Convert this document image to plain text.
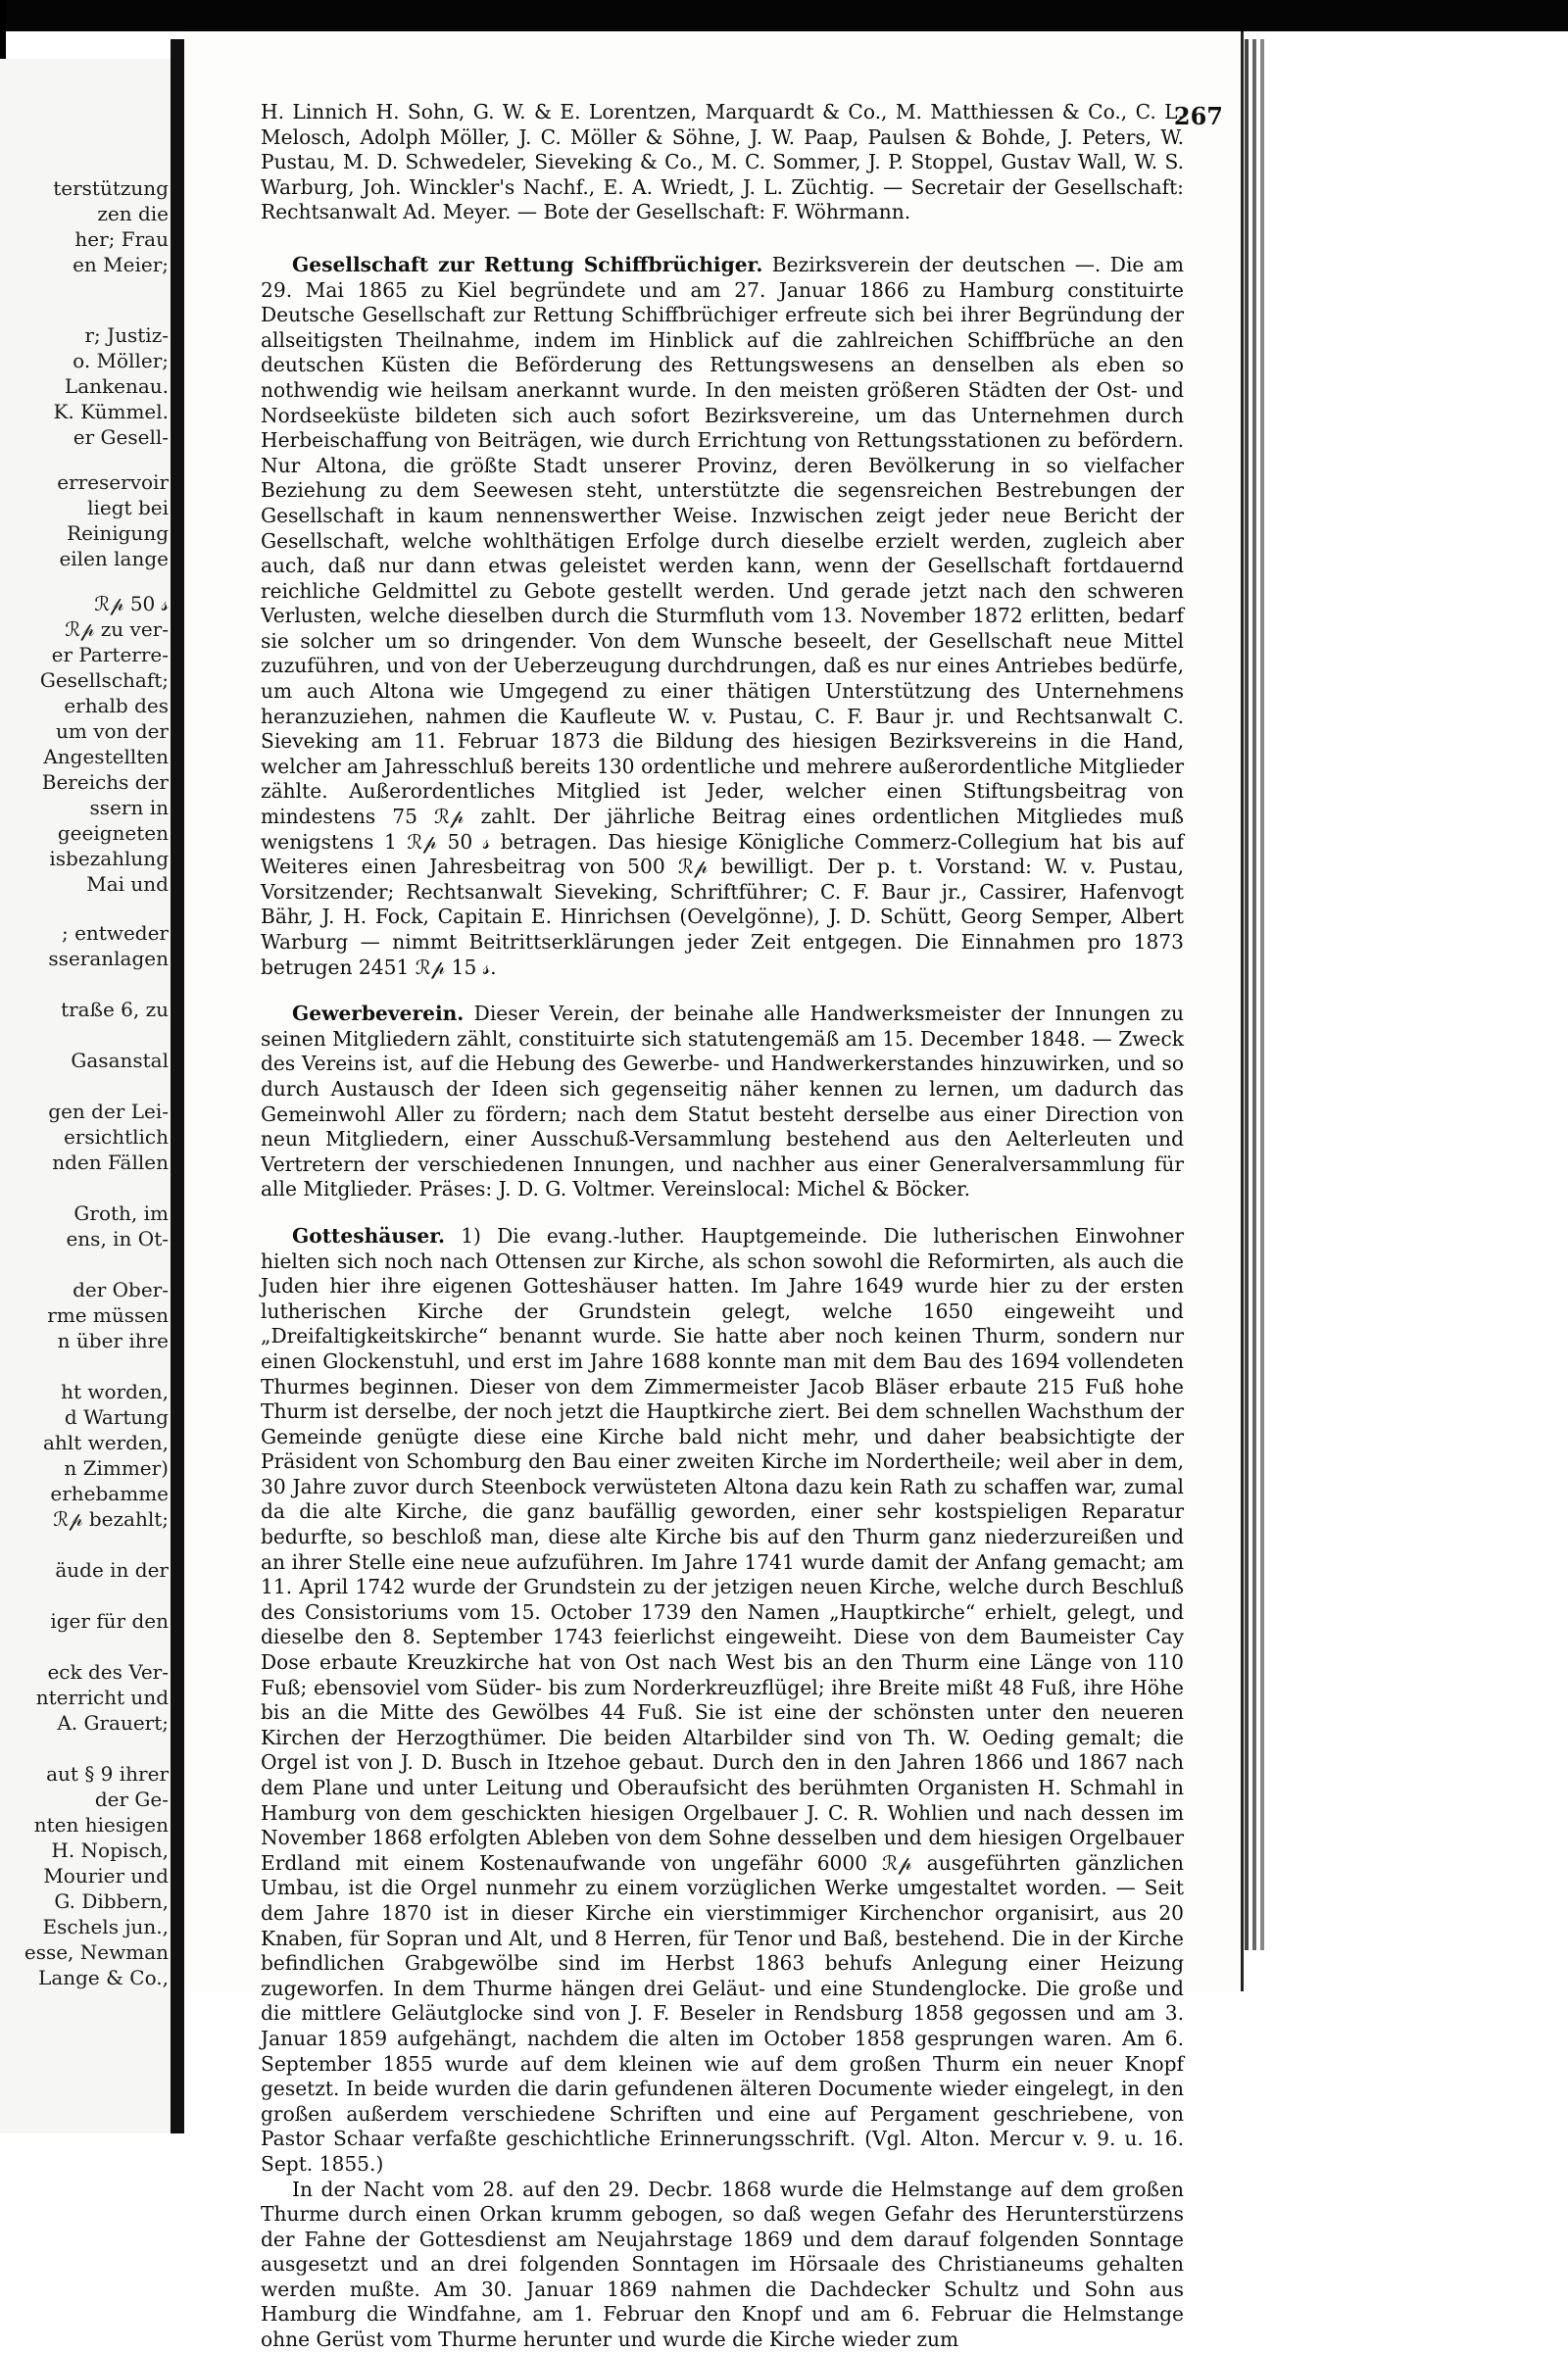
terstützung
zen die
her; Frau
en Meier;
r; Justiz-
o. Möller;
Lankenau.
K. Kümmel.
er Gesell-
erreservoir
liegt bei
Reinigung
eilen lange
ℛ𝓅 50 𝓈
ℛ𝓅 zu ver-
er Parterre-
Gesellschaft;
erhalb des
um von der
Angestellten
Bereichs der
ssern in
geeigneten
isbezahlung
Mai und
; entweder
sseranlagen
traße 6, zu
Gasanstal
gen der Lei-
ersichtlich
nden Fällen
Groth, im
ens, in Ot-
der Ober-
rme müssen
n über ihre
ht worden,
d Wartung
ahlt werden,
n Zimmer)
erhebamme
ℛ𝓅 bezahlt;
äude in der
iger für den
eck des Ver-
nterricht und
A. Grauert;
aut § 9 ihrer
der Ge-
nten hiesigen
H. Nopisch,
Mourier und
G. Dibbern,
Eschels jun.,
esse, Newman
Lange & Co.,
267

H. Linnich H. Sohn, G. W. & E. Lorentzen, Marquardt & Co., M. Matthiessen & Co., C. L. Melosch, Adolph Möller, J. C. Möller & Söhne, J. W. Paap, Paulsen & Bohde, J. Peters, W. Pustau, M. D. Schwedeler, Sieveking & Co., M. C. Sommer, J. P. Stoppel, Gustav Wall, W. S. Warburg, Joh. Winckler's Nachf., E. A. Wriedt, J. L. Züchtig. — Secretair der Gesellschaft: Rechtsanwalt Ad. Meyer. — Bote der Gesellschaft: F. Wöhrmann.

Gesellschaft zur Rettung Schiffbrüchiger. Bezirksverein der deutschen —. Die am 29. Mai 1865 zu Kiel begründete und am 27. Januar 1866 zu Hamburg constituirte Deutsche Gesellschaft zur Rettung Schiffbrüchiger erfreute sich bei ihrer Begründung der allseitigsten Theilnahme, indem im Hinblick auf die zahlreichen Schiffbrüche an den deutschen Küsten die Beförderung des Rettungswesens an denselben als eben so nothwendig wie heilsam anerkannt wurde. In den meisten größeren Städten der Ost- und Nordseeküste bildeten sich auch sofort Bezirksvereine, um das Unternehmen durch Herbeischaffung von Beiträgen, wie durch Errichtung von Rettungsstationen zu befördern. Nur Altona, die größte Stadt unserer Provinz, deren Bevölkerung in so vielfacher Beziehung zu dem Seewesen steht, unterstützte die segensreichen Bestrebungen der Gesellschaft in kaum nennenswerther Weise. Inzwischen zeigt jeder neue Bericht der Gesellschaft, welche wohlthätigen Erfolge durch dieselbe erzielt werden, zugleich aber auch, daß nur dann etwas geleistet werden kann, wenn der Gesellschaft fortdauernd reichliche Geldmittel zu Gebote gestellt werden. Und gerade jetzt nach den schweren Verlusten, welche dieselben durch die Sturmfluth vom 13. November 1872 erlitten, bedarf sie solcher um so dringender. Von dem Wunsche beseelt, der Gesellschaft neue Mittel zuzuführen, und von der Ueberzeugung durchdrungen, daß es nur eines Antriebes bedürfe, um auch Altona wie Umgegend zu einer thätigen Unterstützung des Unternehmens heranzuziehen, nahmen die Kaufleute W. v. Pustau, C. F. Baur jr. und Rechtsanwalt C. Sieveking am 11. Februar 1873 die Bildung des hiesigen Bezirksvereins in die Hand, welcher am Jahresschluß bereits 130 ordentliche und mehrere außerordentliche Mitglieder zählte. Außerordentliches Mitglied ist Jeder, welcher einen Stiftungsbeitrag von mindestens 75 ℛ𝓅 zahlt. Der jährliche Beitrag eines ordentlichen Mitgliedes muß wenigstens 1 ℛ𝓅 50 𝓈 betragen. Das hiesige Königliche Commerz-Collegium hat bis auf Weiteres einen Jahresbeitrag von 500 ℛ𝓅 bewilligt. Der p. t. Vorstand: W. v. Pustau, Vorsitzender; Rechtsanwalt Sieveking, Schriftführer; C. F. Baur jr., Cassirer, Hafenvogt Bähr, J. H. Fock, Capitain E. Hinrichsen (Oevelgönne), J. D. Schütt, Georg Semper, Albert Warburg — nimmt Beitrittserklärungen jeder Zeit entgegen. Die Einnahmen pro 1873 betrugen 2451 ℛ𝓅 15 𝓈.

Gewerbeverein. Dieser Verein, der beinahe alle Handwerksmeister der Innungen zu seinen Mitgliedern zählt, constituirte sich statutengemäß am 15. December 1848. — Zweck des Vereins ist, auf die Hebung des Gewerbe- und Handwerkerstandes hinzuwirken, und so durch Austausch der Ideen sich gegenseitig näher kennen zu lernen, um dadurch das Gemeinwohl Aller zu fördern; nach dem Statut besteht derselbe aus einer Direction von neun Mitgliedern, einer Ausschuß-Versammlung bestehend aus den Aelterleuten und Vertretern der verschiedenen Innungen, und nachher aus einer Generalversammlung für alle Mitglieder. Präses: J. D. G. Voltmer. Vereinslocal: Michel & Böcker.

Gotteshäuser. 1) Die evang.-luther. Hauptgemeinde. Die lutherischen Einwohner hielten sich noch nach Ottensen zur Kirche, als schon sowohl die Reformirten, als auch die Juden hier ihre eigenen Gotteshäuser hatten. Im Jahre 1649 wurde hier zu der ersten lutherischen Kirche der Grundstein gelegt, welche 1650 eingeweiht und „Dreifaltigkeitskirche“ benannt wurde. Sie hatte aber noch keinen Thurm, sondern nur einen Glockenstuhl, und erst im Jahre 1688 konnte man mit dem Bau des 1694 vollendeten Thurmes beginnen. Dieser von dem Zimmermeister Jacob Bläser erbaute 215 Fuß hohe Thurm ist derselbe, der noch jetzt die Hauptkirche ziert. Bei dem schnellen Wachsthum der Gemeinde genügte diese eine Kirche bald nicht mehr, und daher beabsichtigte der Präsident von Schomburg den Bau einer zweiten Kirche im Nordertheile; weil aber in dem, 30 Jahre zuvor durch Steenbock verwüsteten Altona dazu kein Rath zu schaffen war, zumal da die alte Kirche, die ganz baufällig geworden, einer sehr kostspieligen Reparatur bedurfte, so beschloß man, diese alte Kirche bis auf den Thurm ganz niederzureißen und an ihrer Stelle eine neue aufzuführen. Im Jahre 1741 wurde damit der Anfang gemacht; am 11. April 1742 wurde der Grundstein zu der jetzigen neuen Kirche, welche durch Beschluß des Consistoriums vom 15. October 1739 den Namen „Hauptkirche“ erhielt, gelegt, und dieselbe den 8. September 1743 feierlichst eingeweiht. Diese von dem Baumeister Cay Dose erbaute Kreuzkirche hat von Ost nach West bis an den Thurm eine Länge von 110 Fuß; ebensoviel vom Süder- bis zum Norderkreuzflügel; ihre Breite mißt 48 Fuß, ihre Höhe bis an die Mitte des Gewölbes 44 Fuß. Sie ist eine der schönsten unter den neueren Kirchen der Herzogthümer. Die beiden Altarbilder sind von Th. W. Oeding gemalt; die Orgel ist von J. D. Busch in Itzehoe gebaut. Durch den in den Jahren 1866 und 1867 nach dem Plane und unter Leitung und Oberaufsicht des berühmten Organisten H. Schmahl in Hamburg von dem geschickten hiesigen Orgelbauer J. C. R. Wohlien und nach dessen im November 1868 erfolgten Ableben von dem Sohne desselben und dem hiesigen Orgelbauer Erdland mit einem Kostenaufwande von ungefähr 6000 ℛ𝓅 ausgeführten gänzlichen Umbau, ist die Orgel nunmehr zu einem vorzüglichen Werke umgestaltet worden. — Seit dem Jahre 1870 ist in dieser Kirche ein vierstimmiger Kirchenchor organisirt, aus 20 Knaben, für Sopran und Alt, und 8 Herren, für Tenor und Baß, bestehend. Die in der Kirche befindlichen Grabgewölbe sind im Herbst 1863 behufs Anlegung einer Heizung zugeworfen. In dem Thurme hängen drei Geläut- und eine Stundenglocke. Die große und die mittlere Geläutglocke sind von J. F. Beseler in Rendsburg 1858 gegossen und am 3. Januar 1859 aufgehängt, nachdem die alten im October 1858 gesprungen waren. Am 6. September 1855 wurde auf dem kleinen wie auf dem großen Thurm ein neuer Knopf gesetzt. In beide wurden die darin gefundenen älteren Documente wieder eingelegt, in den großen außerdem verschiedene Schriften und eine auf Pergament geschriebene, von Pastor Schaar verfaßte geschichtliche Erinnerungsschrift. (Vgl. Alton. Mercur v. 9. u. 16. Sept. 1855.)

In der Nacht vom 28. auf den 29. Decbr. 1868 wurde die Helmstange auf dem großen Thurme durch einen Orkan krumm gebogen, so daß wegen Gefahr des Herunterstürzens der Fahne der Gottesdienst am Neujahrstage 1869 und dem darauf folgenden Sonntage ausgesetzt und an drei folgenden Sonntagen im Hörsaale des Christianeums gehalten werden mußte. Am 30. Januar 1869 nahmen die Dachdecker Schultz und Sohn aus Hamburg die Windfahne, am 1. Februar den Knopf und am 6. Februar die Helmstange ohne Gerüst vom Thurme herunter und wurde die Kirche wieder zum
